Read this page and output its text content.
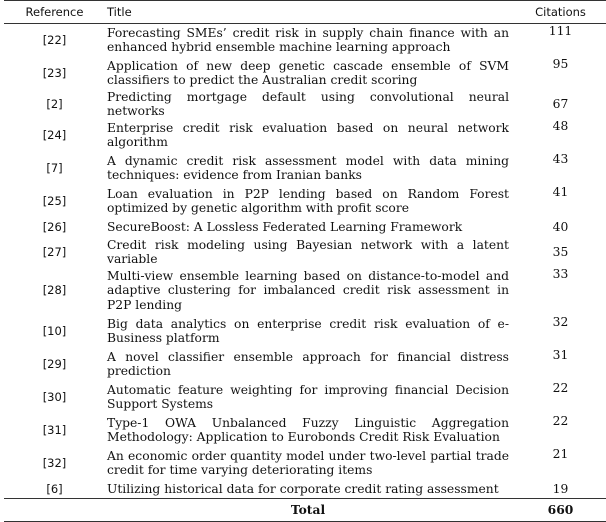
Reference	Title	Citations
[22]	Forecasting SMEs’ credit risk in supply chain finance with an enhanced hybrid ensemble machine learning approach	111
[23]	Application of new deep genetic cascade ensemble of SVM classifiers to predict the Australian credit scoring	95
[2]	Predicting mortgage default using convolutional neural networks	67
[24]	Enterprise credit risk evaluation based on neural network algorithm	48
[7]	A dynamic credit risk assessment model with data mining techniques: evidence from Iranian banks	43
[25]	Loan evaluation in P2P lending based on Random Forest optimized by genetic algorithm with profit score	41
[26]	SecureBoost: A Lossless Federated Learning Framework	40
[27]	Credit risk modeling using Bayesian network with a latent variable	35
[28]	Multi-view ensemble learning based on distance-to-model and adaptive clustering for imbalanced credit risk assessment in P2P lending	33
[10]	Big data analytics on enterprise credit risk evaluation of e-Business platform	32
[29]	A novel classifier ensemble approach for financial distress prediction	31
[30]	Automatic feature weighting for improving financial Decision Support Systems	22
[31]	Type-1 OWA Unbalanced Fuzzy Linguistic Aggregation Methodology: Application to Eurobonds Credit Risk Evaluation	22
[32]	An economic order quantity model under two-level partial trade credit for time varying deteriorating items	21
[6]	Utilizing historical data for corporate credit rating assessment	19
	Total	660
